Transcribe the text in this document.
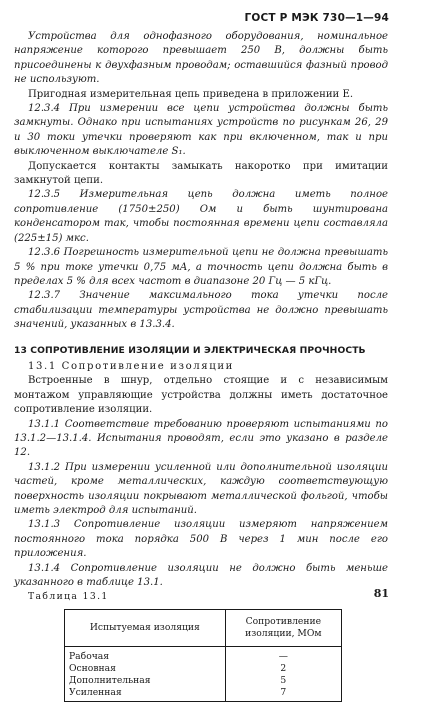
ГОСТ Р МЭК 730—1—94

Устройства для однофазного оборудования, номинальное напряжение которого превышает 250 В, должны быть присоединены к двухфазным проводам; оставшийся фазный провод не используют.

Пригодная измерительная цепь приведена в приложении Е.

12.3.4 При измерении все цепи устройства должны быть замкнуты. Однако при испытаниях устройств по рисункам 26, 29 и 30 токи утечки проверяют как при включенном, так и при выключенном выключателе S₁.

Допускается контакты замыкать накоротко при имитации замкнутой цепи.

12.3.5 Измерительная цепь должна иметь полное сопротивление (1750±250) Ом и быть шунтирована конденсатором так, чтобы постоянная времени цепи составляла (225±15) мкс.

12.3.6 Погрешность измерительной цепи не должна превышать 5 % при токе утечки 0,75 мА, а точность цепи должна быть в пределах 5 % для всех частот в диапазоне 20 Гц — 5 кГц.

12.3.7 Значение максимального тока утечки после стабилизации температуры устройства не должно превышать значений, указанных в 13.3.4.

13 СОПРОТИВЛЕНИЕ ИЗОЛЯЦИИ И ЭЛЕКТРИЧЕСКАЯ ПРОЧНОСТЬ

13.1 Сопротивление изоляции

Встроенные в шнур, отдельно стоящие и с независимым монтажом управляющие устройства должны иметь достаточное сопротивление изоляции.

13.1.1 Соответствие требованию проверяют испытаниями по 13.1.2—13.1.4. Испытания проводят, если это указано в разделе 12.

13.1.2 При измерении усиленной или дополнительной изоляции частей, кроме металлических, каждую соответствующую поверхность изоляции покрывают металлической фольгой, чтобы иметь электрод для испытаний.

13.1.3 Сопротивление изоляции измеряют напряжением постоянного тока порядка 500 В через 1 мин после его приложения.

13.1.4 Сопротивление изоляции не должно быть меньше указанного в таблице 13.1.

Таблица 13.1

Испытуемая изоляция	Сопротивление изоляции, МОм
Рабочая	—
Основная	2
Дополнительная	5
Усиленная	7
81
